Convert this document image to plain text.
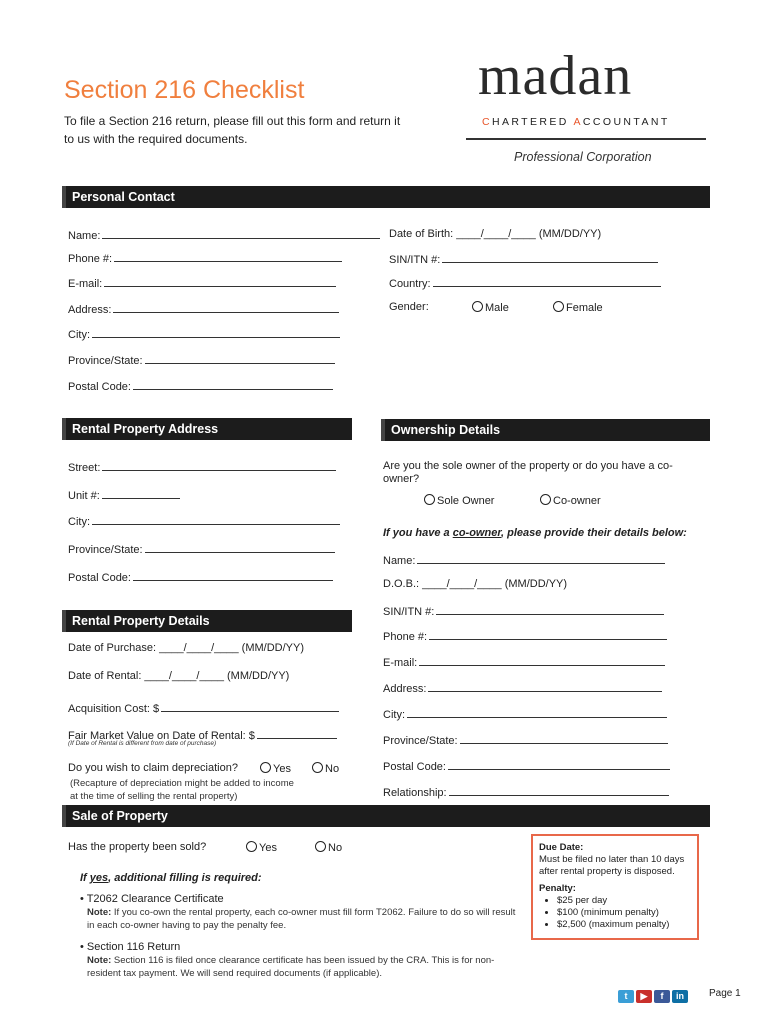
Section 216 Checklist
To file a Section 216 return, please fill out this form and return it to us with the required documents.
madan
CHARTERED ACCOUNTANT
Professional Corporation
Personal Contact
Name:
Phone #:
E-mail:
Address:
City:
Province/State:
Postal Code:
Date of Birth: ____/____/____ (MM/DD/YY)
SIN/ITN #:
Country:
Gender:	Male	Female
Rental Property Address
Street:
Unit #:
City:
Province/State:
Postal Code:
Ownership Details
Are you the sole owner of the property or do you have a co-owner?
Sole Owner	Co-owner
If you have a co-owner, please provide their details below:
Name:
D.O.B.: ____/____/____ (MM/DD/YY)
SIN/ITN #:
Phone #:
E-mail:
Address:
City:
Province/State:
Postal Code:
Relationship:
Rental Property Details
Date of Purchase: ____/____/____ (MM/DD/YY)
Date of Rental: ____/____/____ (MM/DD/YY)
Acquisition Cost: $
Fair Market Value on Date of Rental: $
(If Date of Rental is different from date of purchase)
Do you wish to claim depreciation?	Yes	No
(Recapture of depreciation might be added to income
at the time of selling the rental property)
Sale of Property
Has the property been sold?	Yes	No
If yes, additional filling is required:
• T2062 Clearance Certificate
Note: If you co-own the rental property, each co-owner must fill form T2062. Failure to do so will result in each co-owner having to pay the penalty fee.
• Section 116 Return
Note: Section 116 is filed once clearance certificate has been issued by the CRA. This is for non-resident tax payment. We will send required documents (if applicable).
Due Date:
Must be filed no later than 10 days after rental property is disposed.
Penalty:
• $25 per day
• $100 (minimum penalty)
• $2,500 (maximum penalty)
t ▶ f in	Page 1
